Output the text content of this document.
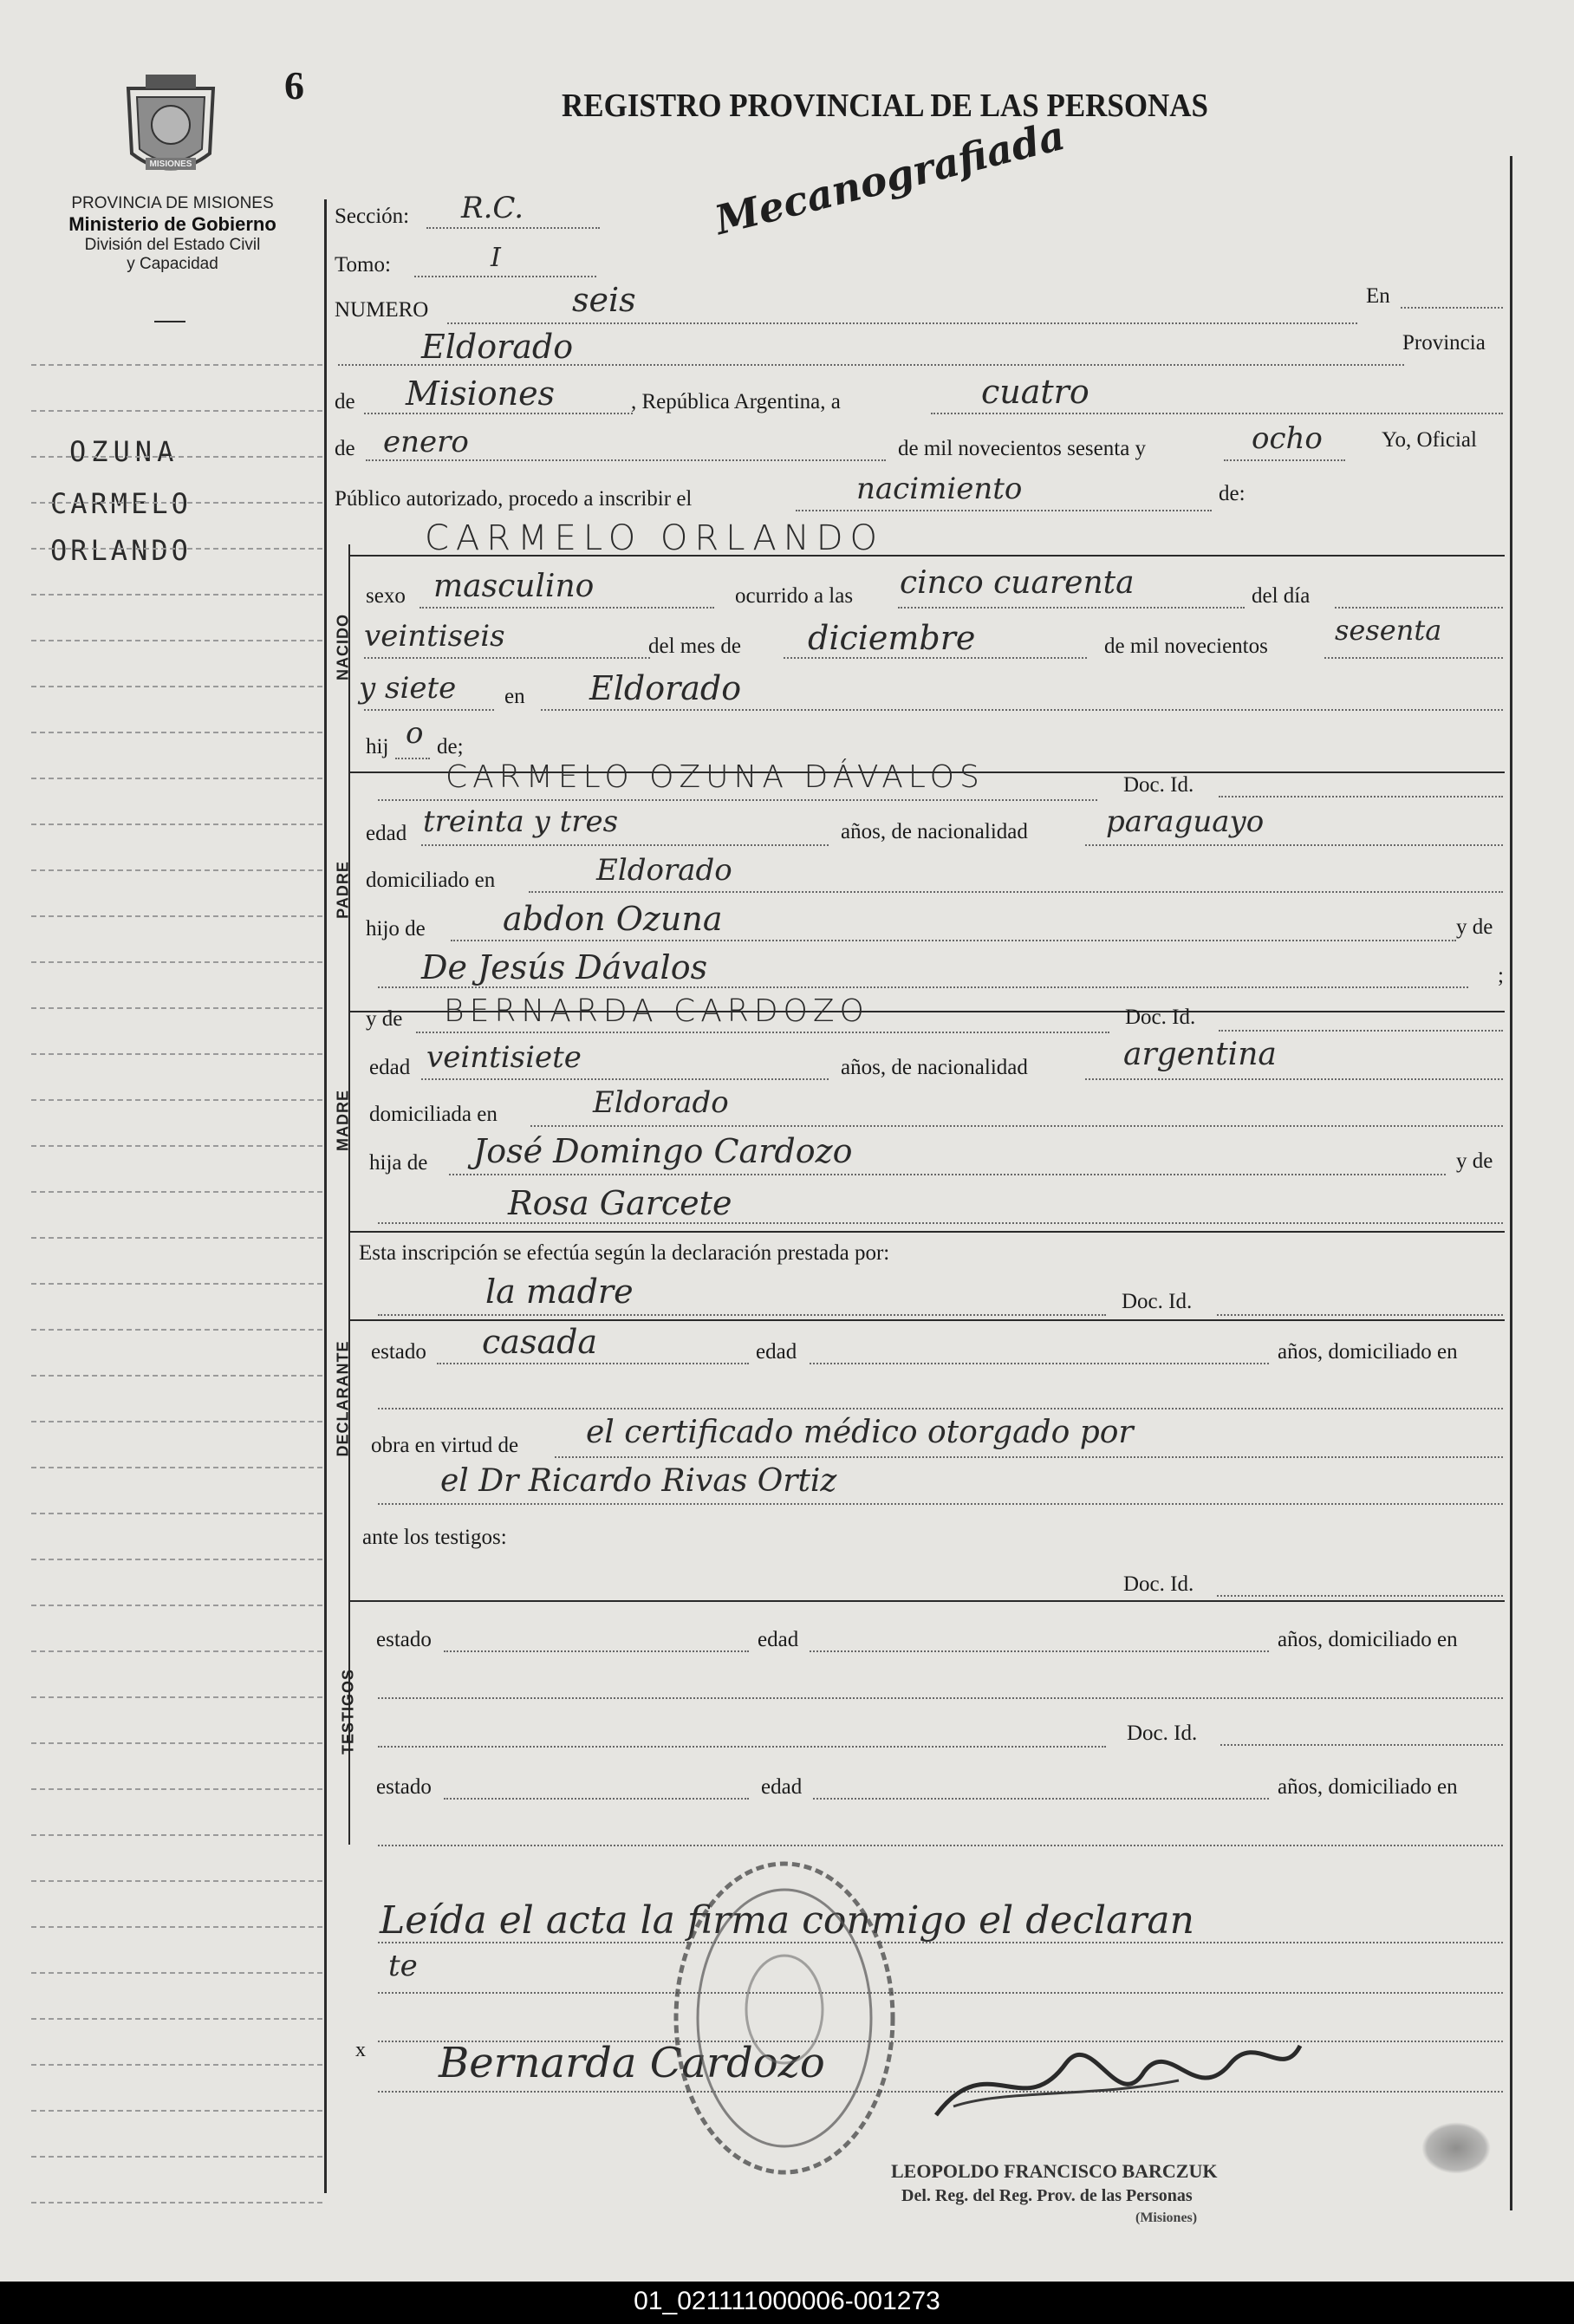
MISIONES
6
PROVINCIA DE MISIONES
Ministerio de Gobierno
División del Estado Civil
y Capacidad
REGISTRO PROVINCIAL DE LAS PERSONAS
OZUNA
CARMELO
ORLANDO
Sección: R.C.
Tomo:	I
Mecanografiada
NUMERO	seis	En
Eldorado	Provincia
de Misiones	, República Argentina, a	cuatro
de enero	de mil novecientos sesenta y	ocho	Yo, Oficial
Público autorizado, procedo a inscribir el	nacimiento	de:
CARMELO ORLANDO
NACIDO
sexo masculino	ocurrido a las cinco cuarenta	del día
veintiseis	del mes de diciembre	de mil novecientos sesenta
y siete en Eldorado
hij o de;
PADRE
CARMELO OZUNA DÁVALOS	Doc. Id.
edad treinta y tres	años, de nacionalidad	paraguayo
domiciliado en	Eldorado
hijo de abdon Ozuna	y de
De Jesús Dávalos	;
MADRE
y de BERNARDA CARDOZO	Doc. Id.
edad veintisiete	años, de nacionalidad	argentina
domiciliada en	Eldorado
hija de José Domingo Cardozo	y de
Rosa Garcete
Esta inscripción se efectúa según la declaración prestada por:
DECLARANTE
la madre	Doc. Id.
estado casada	edad	años, domiciliado en
obra en virtud de el certificado médico otorgado por
el Dr Ricardo Rivas Ortiz
ante los testigos:
TESTIGOS
Doc. Id.
estado	edad	años, domiciliado en
Doc. Id.
estado	edad	años, domiciliado en
Leída el acta la firma conmigo el declaran
te
x Bernarda Cardozo
LEOPOLDO FRANCISCO BARCZUK
Del. Reg. del Reg. Prov. de las Personas
(Misiones)
01_021111000006-001273
